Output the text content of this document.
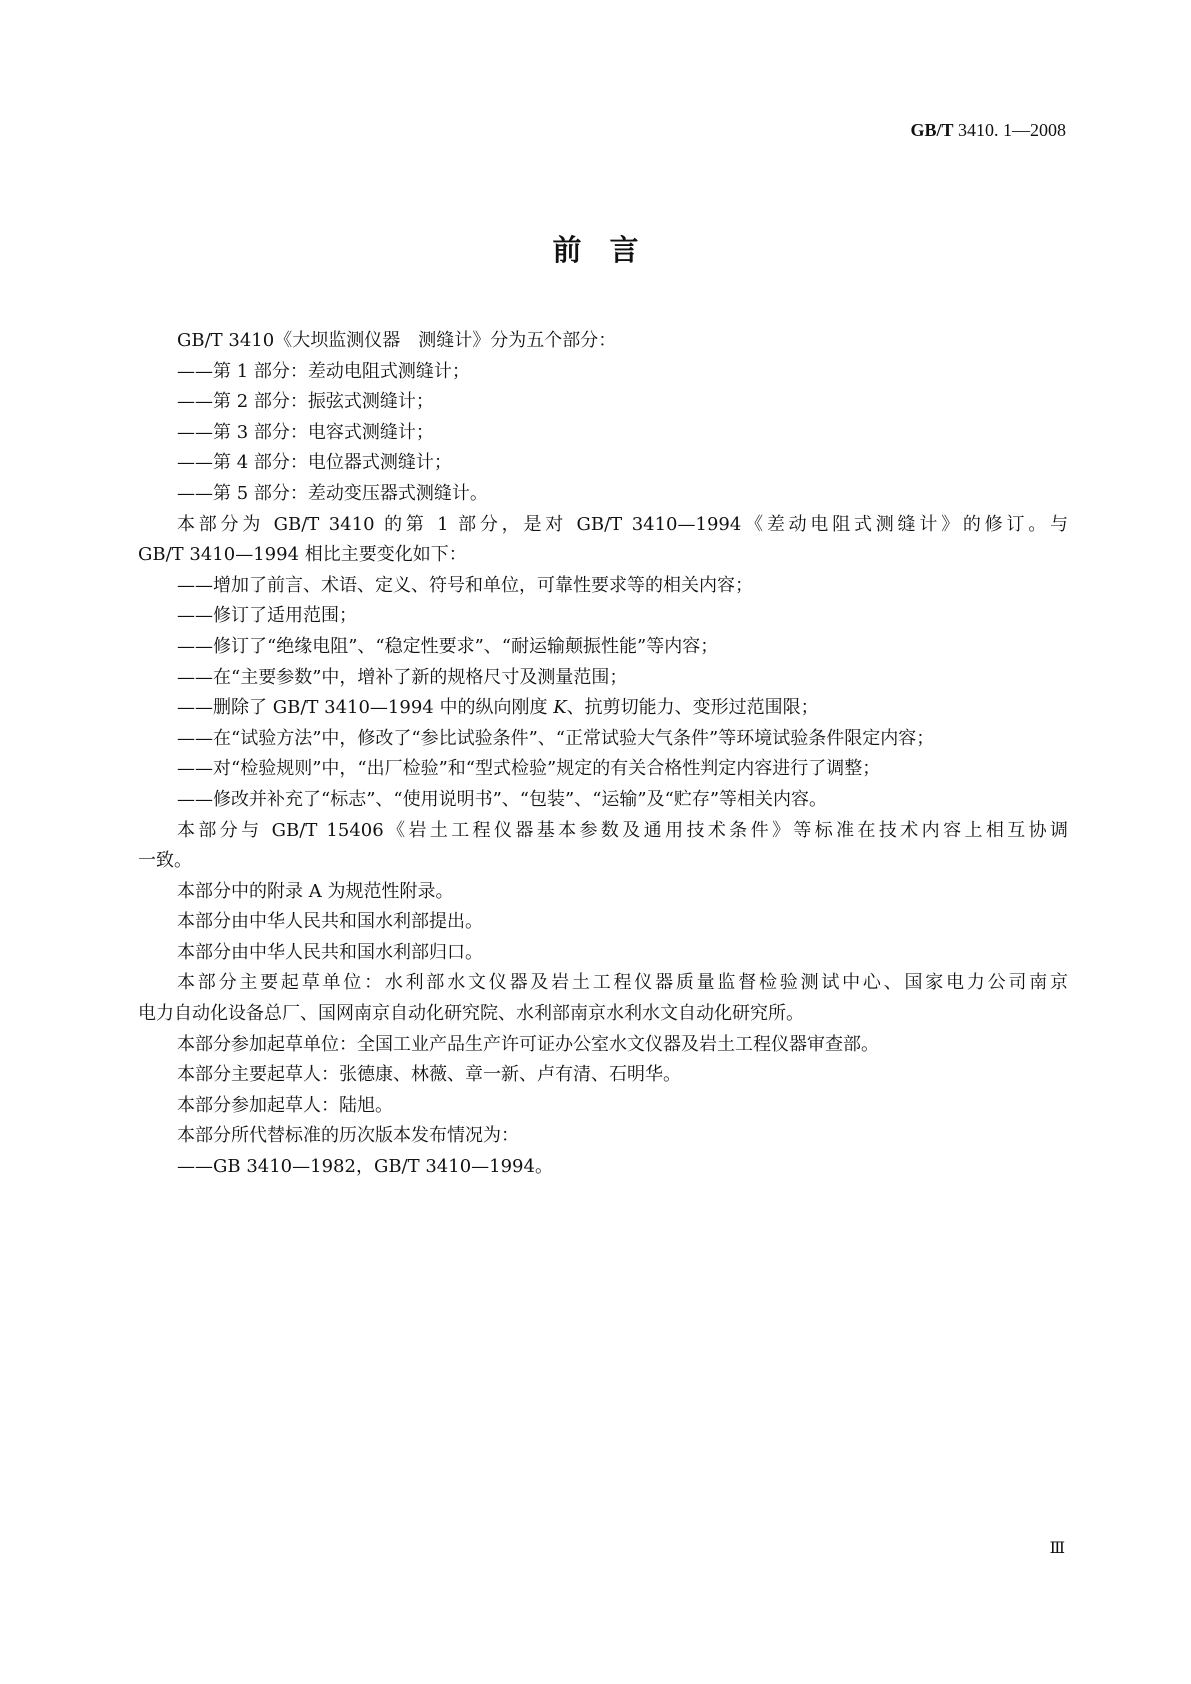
GB/T 3410. 1—2008
前言

GB/T 3410《大坝监测仪器　测缝计》分为五个部分：

——第 1 部分：差动电阻式测缝计；

——第 2 部分：振弦式测缝计；

——第 3 部分：电容式测缝计；

——第 4 部分：电位器式测缝计；

——第 5 部分：差动变压器式测缝计。

本部分为 GB/T 3410 的第 1 部分，是对 GB/T 3410—1994《差动电阻式测缝计》的修订。与

GB/T 3410—1994 相比主要变化如下：

——增加了前言、术语、定义、符号和单位，可靠性要求等的相关内容；

——修订了适用范围；

——修订了“绝缘电阻”、“稳定性要求”、“耐运输颠振性能”等内容；

——在“主要参数”中，增补了新的规格尺寸及测量范围；

——删除了 GB/T 3410—1994 中的纵向刚度 K、抗剪切能力、变形过范围限；

——在“试验方法”中，修改了“参比试验条件”、“正常试验大气条件”等环境试验条件限定内容；

——对“检验规则”中，“出厂检验”和“型式检验”规定的有关合格性判定内容进行了调整；

——修改并补充了“标志”、“使用说明书”、“包装”、“运输”及“贮存”等相关内容。

本部分与 GB/T 15406《岩土工程仪器基本参数及通用技术条件》等标准在技术内容上相互协调

一致。

本部分中的附录 A 为规范性附录。

本部分由中华人民共和国水利部提出。

本部分由中华人民共和国水利部归口。

本部分主要起草单位：水利部水文仪器及岩土工程仪器质量监督检验测试中心、国家电力公司南京

电力自动化设备总厂、国网南京自动化研究院、水利部南京水利水文自动化研究所。

本部分参加起草单位：全国工业产品生产许可证办公室水文仪器及岩土工程仪器审查部。

本部分主要起草人：张德康、林薇、章一新、卢有清、石明华。

本部分参加起草人：陆旭。

本部分所代替标准的历次版本发布情况为：

——GB 3410—1982，GB/T 3410—1994。

Ⅲ
